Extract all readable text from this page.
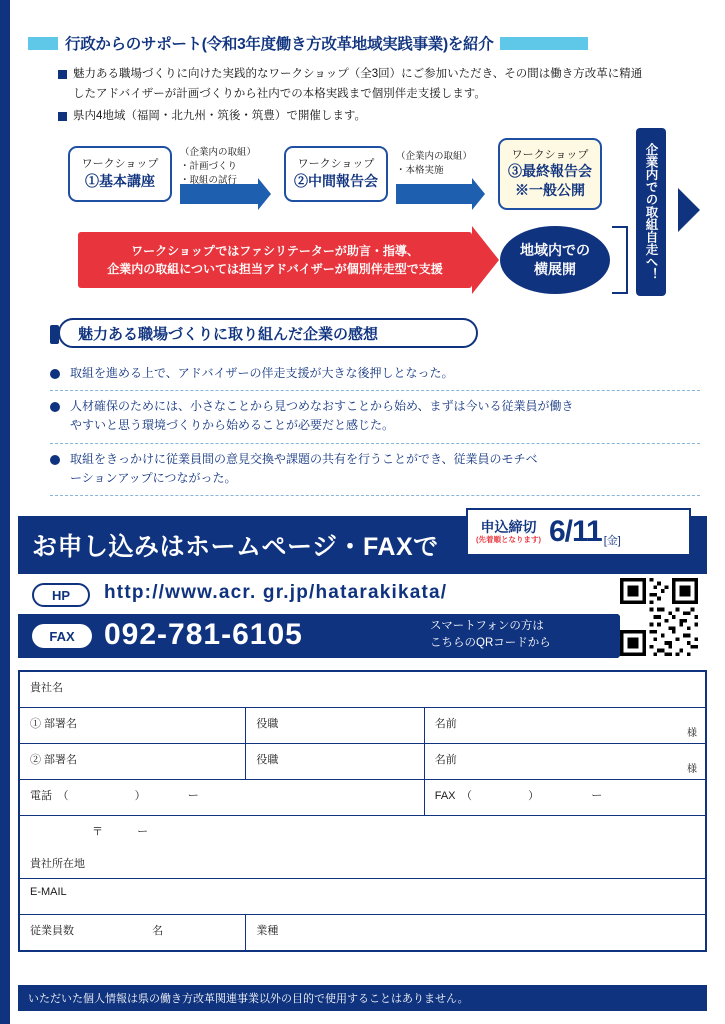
行政からのサポート(令和3年度働き方改革地域実践事業)を紹介
魅力ある職場づくりに向けた実践的なワークショップ（全3回）にご参加いただき、その間は働き方改革に精通
したアドバイザーが計画づくりから社内での本格実践まで個別伴走支援します。
県内4地域（福岡・北九州・筑後・筑豊）で開催します。
ワークショップ
①基本講座
（企業内の取組）
・計画づくり
・取組の試行
ワークショップ
②中間報告会
（企業内の取組）
・本格実施
ワークショップ
③最終報告会
※一般公開	企業内での取組自走へ！
ワークショップではファシリテーターが助言・指導、
企業内の取組については担当アドバイザーが個別伴走型で支援
地域内での
横展開
魅力ある職場づくりに取り組んだ企業の感想
取組を進める上で、アドバイザーの伴走支援が大きな後押しとなった。
人材確保のためには、小さなことから見つめなおすことから始め、まずは今いる従業員が働き
やすいと思う環境づくりから始めることが必要だと感じた。
取組をきっかけに従業員間の意見交換や課題の共有を行うことができ、従業員のモチベ
ーションアップにつながった。
お申し込みはホームページ・FAXで
申込締切
(先着順となります) 6/11 [金]
HP	http://www.acr. gr.jp/hatarakikata/
FAX 092-781-6105	スマートフォンの方は
こちらのQRコードから
貴社名		
① 部署名	役職	名前
様

② 部署名	役職	名前
様

電話　（ ） ー		FAX　（ ） ー

〒 ー
貴社所在地		

E-MAIL		
従業員数 名	業種	
いただいた個人情報は県の働き方改革関連事業以外の目的で使用することはありません。
